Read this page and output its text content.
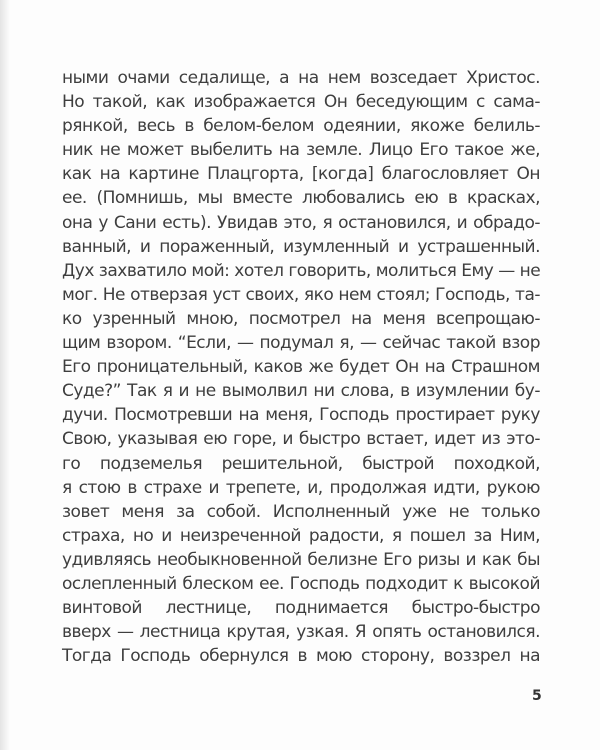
ными очами седалище, а на нем возседает Христос.
Но такой, как изображается Он беседующим с сама-
рянкой, весь в белом-белом одеянии, якоже белиль-
ник не может выбелить на земле. Лицо Его такое же,
как на картине Плацгорта, [когда] благословляет Он
ее. (Помнишь, мы вместе любовались ею в красках,
она у Сани есть). Увидав это, я остановился, и обрадо-
ванный, и пораженный, изумленный и устрашенный.
Дух захватило мой: хотел говорить, молиться Ему — не
мог. Не отверзая уст своих, яко нем стоял; Господь, та-
ко узренный мною, посмотрел на меня всепрощаю-
щим взором. “Если, — подумал я, — сейчас такой взор
Его проницательный, каков же будет Он на Страшном
Суде?” Так я и не вымолвил ни слова, в изумлении бу-
дучи. Посмотревши на меня, Господь простирает руку
Свою, указывая ею горе, и быстро встает, идет из это-
го подземелья решительной, быстрой походкой,
я стою в страхе и трепете, и, продолжая идти, рукою
зовет меня за собой. Исполненный уже не только
страха, но и неизреченной радости, я пошел за Ним,
удивляясь необыкновенной белизне Его ризы и как бы
ослепленный блеском ее. Господь подходит к высокой
винтовой лестнице, поднимается быстро-быстро
вверх — лестница крутая, узкая. Я опять остановился.
Тогда Господь обернулся в мою сторону, воззрел на
5
